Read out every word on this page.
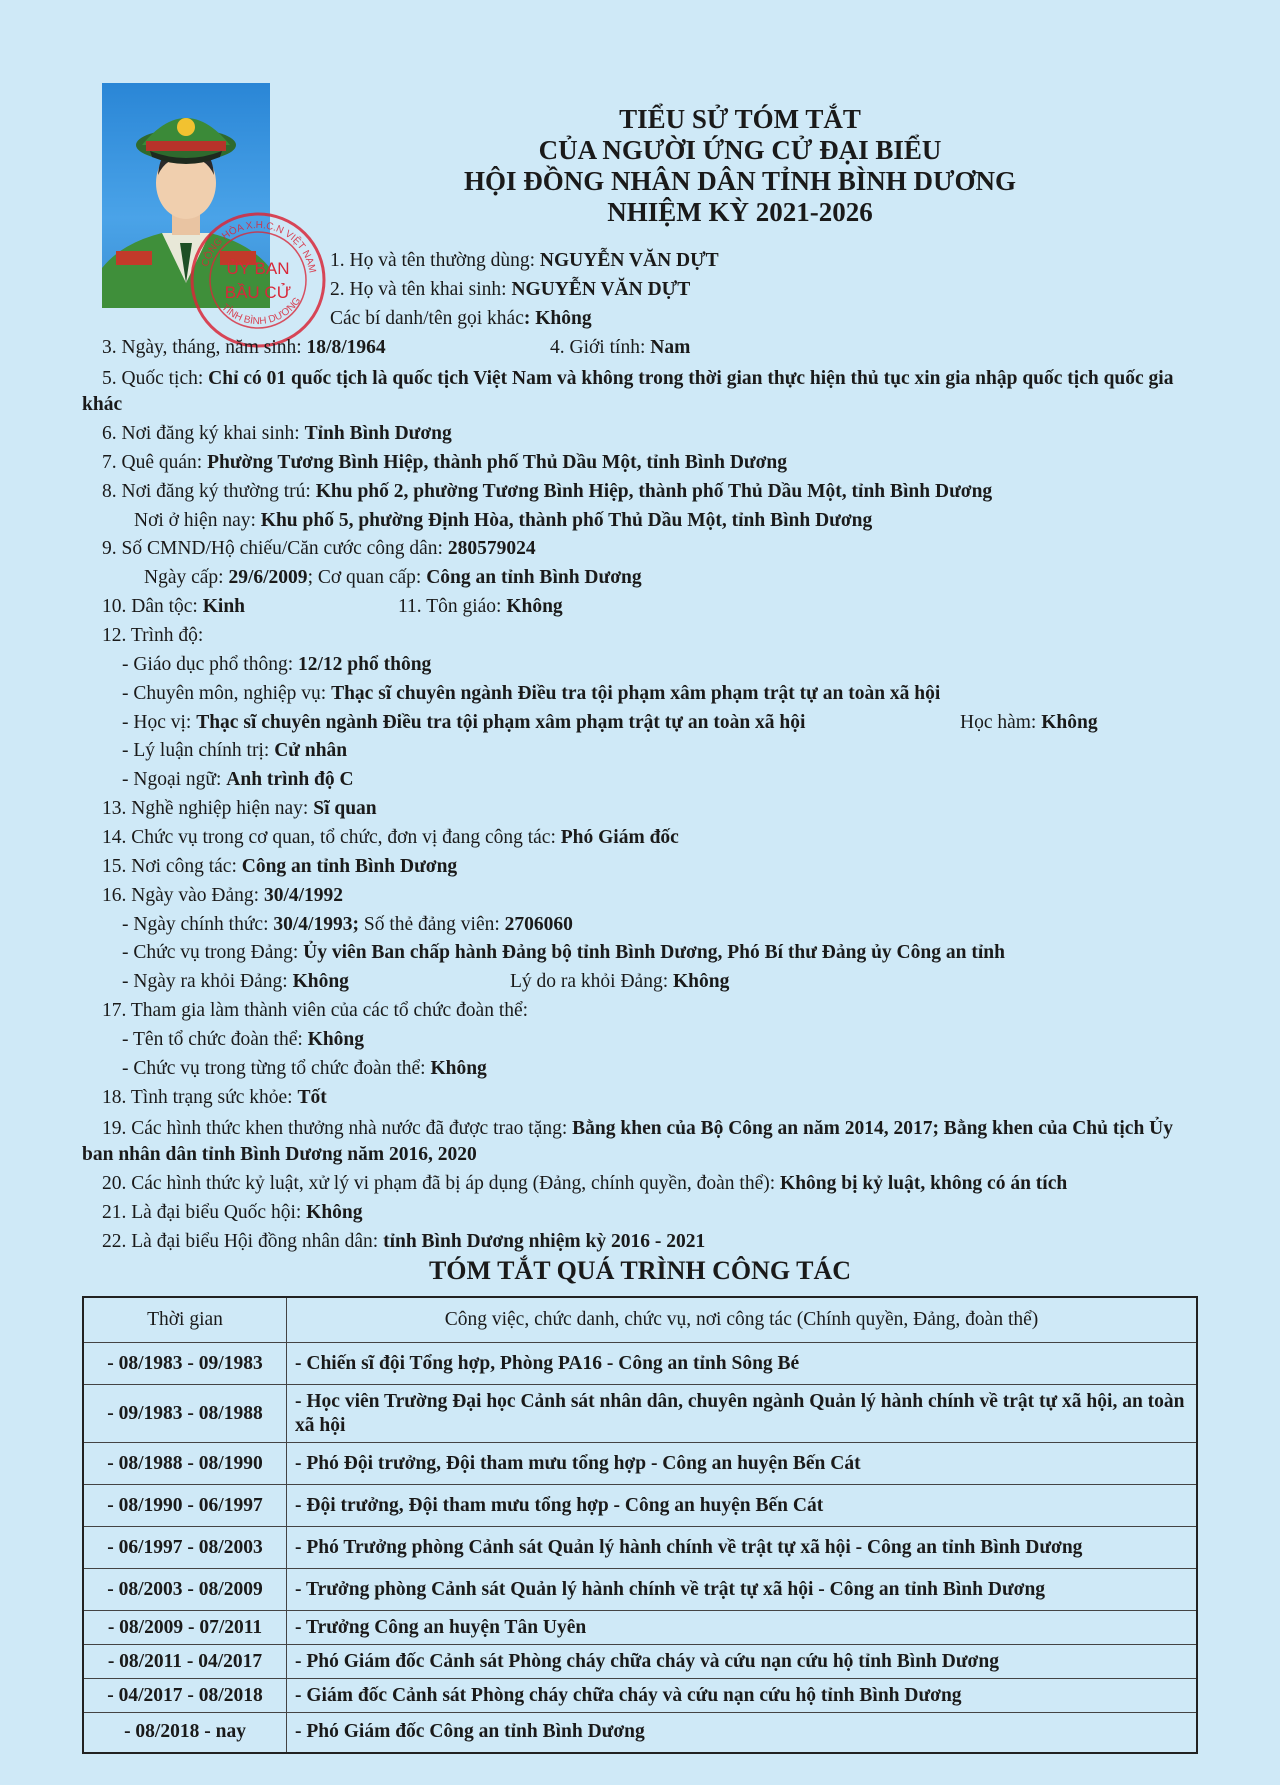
CỘNG HÒA X.H.C.N VIỆT NAM
TỈNH BÌNH DƯƠNG
ỦY BAN
BẦU CỬ
TIỂU SỬ TÓM TẮT
CỦA NGƯỜI ỨNG CỬ ĐẠI BIỂU
HỘI ĐỒNG NHÂN DÂN TỈNH BÌNH DƯƠNG
NHIỆM KỲ 2021-2026
1. Họ và tên thường dùng: NGUYỄN VĂN DỰT
2. Họ và tên khai sinh: NGUYỄN VĂN DỰT
Các bí danh/tên gọi khác: Không
3. Ngày, tháng, năm sinh: 18/8/1964	4. Giới tính: Nam
5. Quốc tịch: Chỉ có 01 quốc tịch là quốc tịch Việt Nam và không trong thời gian thực hiện thủ tục xin gia nhập quốc tịch quốc gia khác
6. Nơi đăng ký khai sinh: Tỉnh Bình Dương
7. Quê quán: Phường Tương Bình Hiệp, thành phố Thủ Dầu Một, tỉnh Bình Dương
8. Nơi đăng ký thường trú: Khu phố 2, phường Tương Bình Hiệp, thành phố Thủ Dầu Một, tỉnh Bình Dương
Nơi ở hiện nay: Khu phố 5, phường Định Hòa, thành phố Thủ Dầu Một, tỉnh Bình Dương
9. Số CMND/Hộ chiếu/Căn cước công dân: 280579024
Ngày cấp: 29/6/2009; Cơ quan cấp: Công an tỉnh Bình Dương
10. Dân tộc: Kinh	11. Tôn giáo: Không
12. Trình độ:
- Giáo dục phổ thông: 12/12 phổ thông
- Chuyên môn, nghiệp vụ: Thạc sĩ chuyên ngành Điều tra tội phạm xâm phạm trật tự an toàn xã hội
- Học vị: Thạc sĩ chuyên ngành Điều tra tội phạm xâm phạm trật tự an toàn xã hội	Học hàm: Không
- Lý luận chính trị: Cử nhân
- Ngoại ngữ: Anh trình độ C
13. Nghề nghiệp hiện nay: Sĩ quan
14. Chức vụ trong cơ quan, tổ chức, đơn vị đang công tác: Phó Giám đốc
15. Nơi công tác: Công an tỉnh Bình Dương
16. Ngày vào Đảng: 30/4/1992
- Ngày chính thức: 30/4/1993; Số thẻ đảng viên: 2706060
- Chức vụ trong Đảng: Ủy viên Ban chấp hành Đảng bộ tỉnh Bình Dương, Phó Bí thư Đảng ủy Công an tỉnh
- Ngày ra khỏi Đảng: Không	Lý do ra khỏi Đảng: Không
17. Tham gia làm thành viên của các tổ chức đoàn thể:
- Tên tổ chức đoàn thể: Không
- Chức vụ trong từng tổ chức đoàn thể: Không
18. Tình trạng sức khỏe: Tốt
19. Các hình thức khen thưởng nhà nước đã được trao tặng: Bằng khen của Bộ Công an năm 2014, 2017; Bằng khen của Chủ tịch Ủy ban nhân dân tỉnh Bình Dương năm 2016, 2020
20. Các hình thức kỷ luật, xử lý vi phạm đã bị áp dụng (Đảng, chính quyền, đoàn thể): Không bị kỷ luật, không có án tích
21. Là đại biểu Quốc hội: Không
22. Là đại biểu Hội đồng nhân dân: tỉnh Bình Dương nhiệm kỳ 2016 - 2021
TÓM TẮT QUÁ TRÌNH CÔNG TÁC
Thời gian	Công việc, chức danh, chức vụ, nơi công tác (Chính quyền, Đảng, đoàn thể)
- 08/1983 - 09/1983	- Chiến sĩ đội Tổng hợp, Phòng PA16 - Công an tỉnh Sông Bé
- 09/1983 - 08/1988	- Học viên Trường Đại học Cảnh sát nhân dân, chuyên ngành Quản lý hành chính về trật tự xã hội, an toàn xã hội
- 08/1988 - 08/1990	- Phó Đội trưởng, Đội tham mưu tổng hợp - Công an huyện Bến Cát
- 08/1990 - 06/1997	- Đội trưởng, Đội tham mưu tổng hợp - Công an huyện Bến Cát
- 06/1997 - 08/2003	- Phó Trưởng phòng Cảnh sát Quản lý hành chính về trật tự xã hội - Công an tỉnh Bình Dương
- 08/2003 - 08/2009	- Trưởng phòng Cảnh sát Quản lý hành chính về trật tự xã hội - Công an tỉnh Bình Dương
- 08/2009 - 07/2011	- Trưởng Công an huyện Tân Uyên
- 08/2011 - 04/2017	- Phó Giám đốc Cảnh sát Phòng cháy chữa cháy và cứu nạn cứu hộ tỉnh Bình Dương
- 04/2017 - 08/2018	- Giám đốc Cảnh sát Phòng cháy chữa cháy và cứu nạn cứu hộ tỉnh Bình Dương
- 08/2018 - nay	- Phó Giám đốc Công an tỉnh Bình Dương
